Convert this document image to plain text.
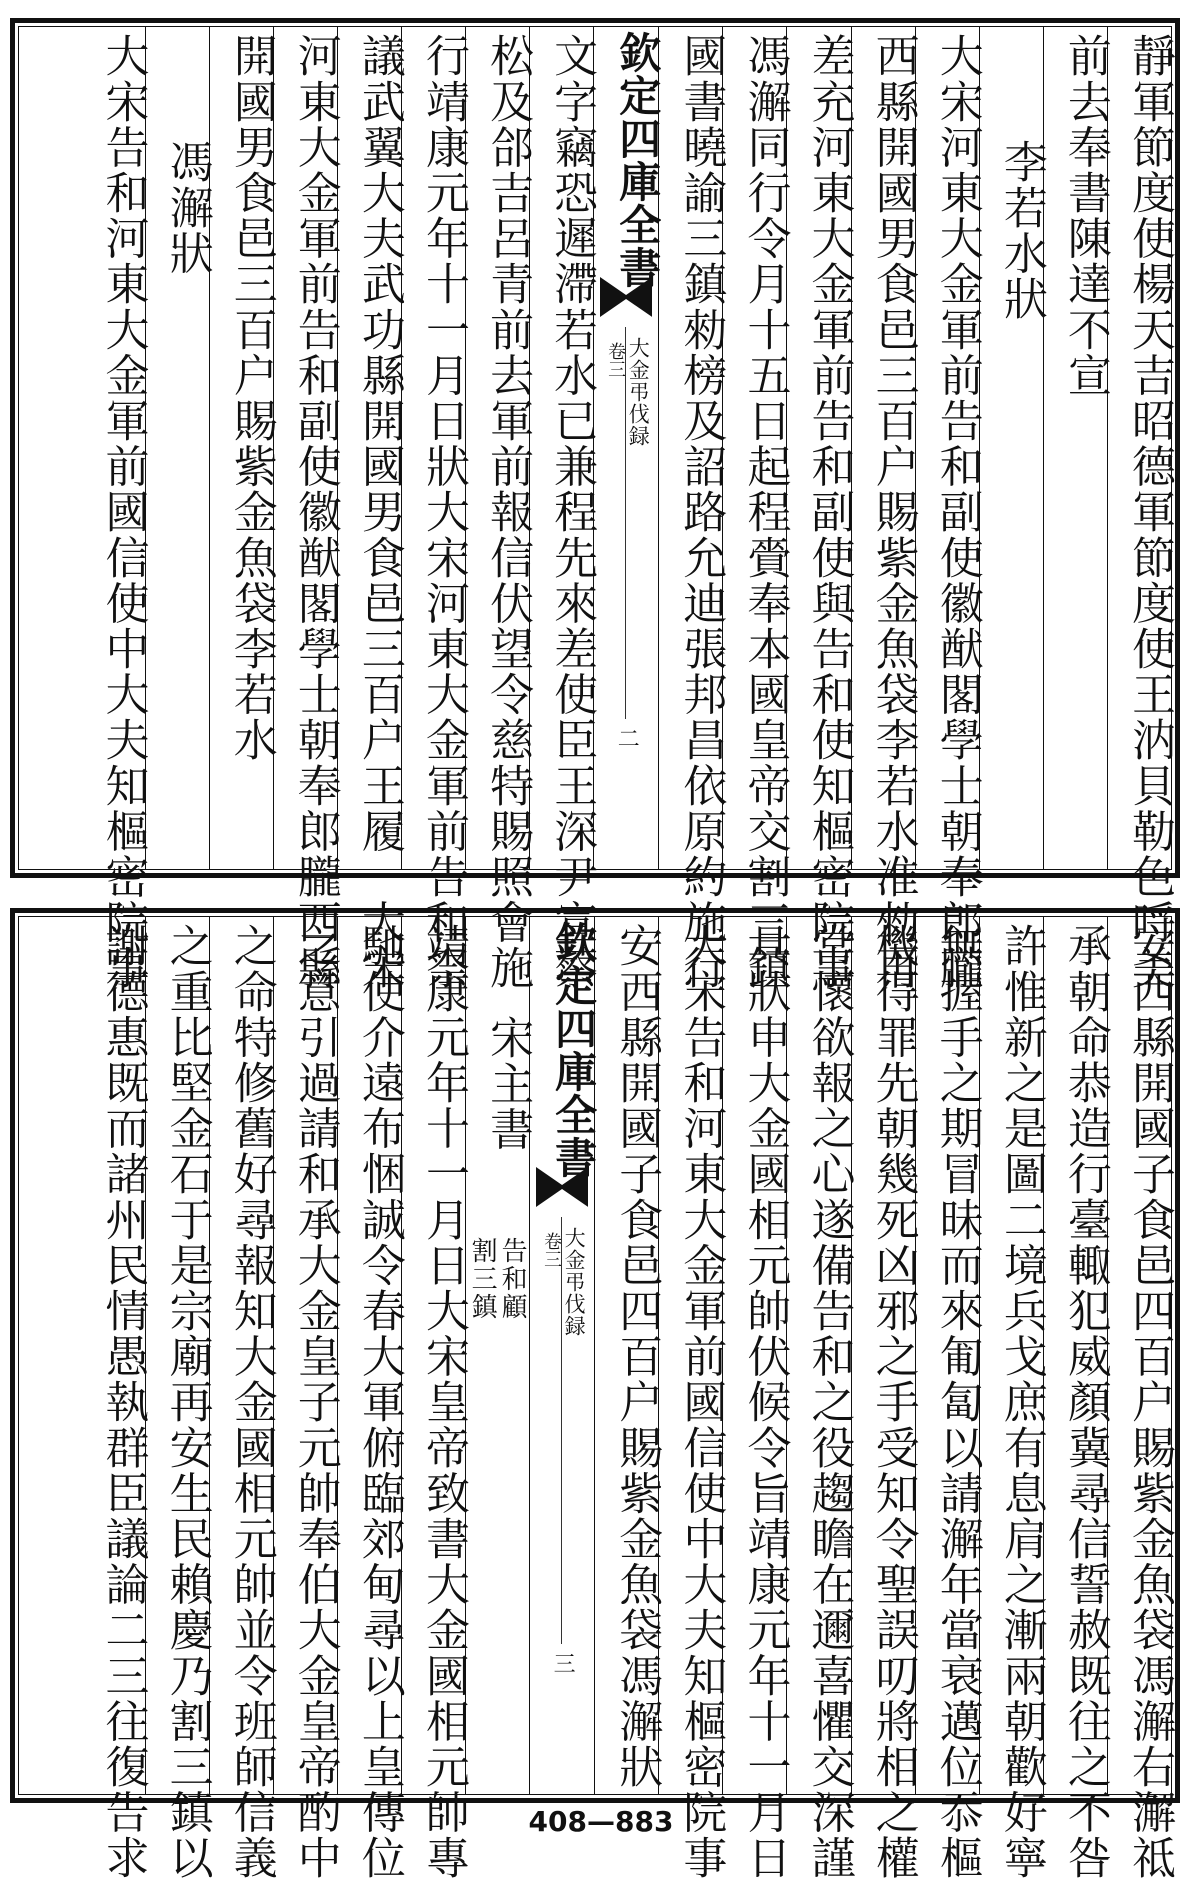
靜軍節度使楊天吉昭德軍節度使王汭貝勒色哷美
前去奉書陳達不宣
李若水狀
大宋河東大金軍前告和副使徽猷閣學士朝奉郎朧
西縣開國男食邑三百户賜紫金魚袋李若水准勑再
差充河東大金軍前告和副使與告和使知樞密院事
馮澥同行令月十五日起程賫奉本國皇帝交割三鎮
國書曉諭三鎮勑榜及詔路允迪張邦昌依原約施行
欽定四庫全書
大金弔伐録
卷三
二
文字竊恐遲滯若水已兼程先來差使臣王深尹宣蔡
松及郃吉呂青前去軍前報信伏望令慈特賜照會施
行靖康元年十一月日狀大宋河東大金軍前告和祭
議武翼大夫武功縣開國男食邑三百户王履　大宋
河東大金軍前告和副使徽猷閣學士朝奉郎朧西縣
開國男食邑三百户賜紫金魚袋李若水
馮澥狀
大宋告和河東大金軍前國信使中大夫知樞密院事
安西縣開國子食邑四百户賜紫金魚袋馮澥右澥祗
承朝命恭造行臺輙犯威顏冀尋信誓赦既往之不咎
許惟新之是圖二境兵戈庶有息肩之漸兩朝歡好寧
無握手之期冒昧而來匍匐以請澥年當衰邁位忝樞
機得罪先朝幾死凶邪之手受知令聖誤叨將相之權
常懷欲報之心遂備告和之役趨瞻在邇喜懼交深謹
具狀申大金國相元帥伏候令旨靖康元年十一月日
大宋告和河東大金軍前國信使中大夫知樞密院事
安西縣開國子食邑四百户賜紫金魚袋馮澥狀
欽定四庫全書
大金弔伐録
卷三
三
宋主書
告和顧
割三鎮
靖康元年十一月日大宋皇帝致書大金國相元帥專
馳使介遠布悃誠令春大軍俯臨郊甸尋以上皇傳位
之意引過請和承大金皇子元帥奉伯大金皇帝酌中
之命特修舊好尋報知大金國相元帥並令班師信義
之重比堅金石于是宗廟再安生民賴慶乃割三鎮以
謝德惠既而諸州民情愚執群臣議論二三往復告求	408—883
